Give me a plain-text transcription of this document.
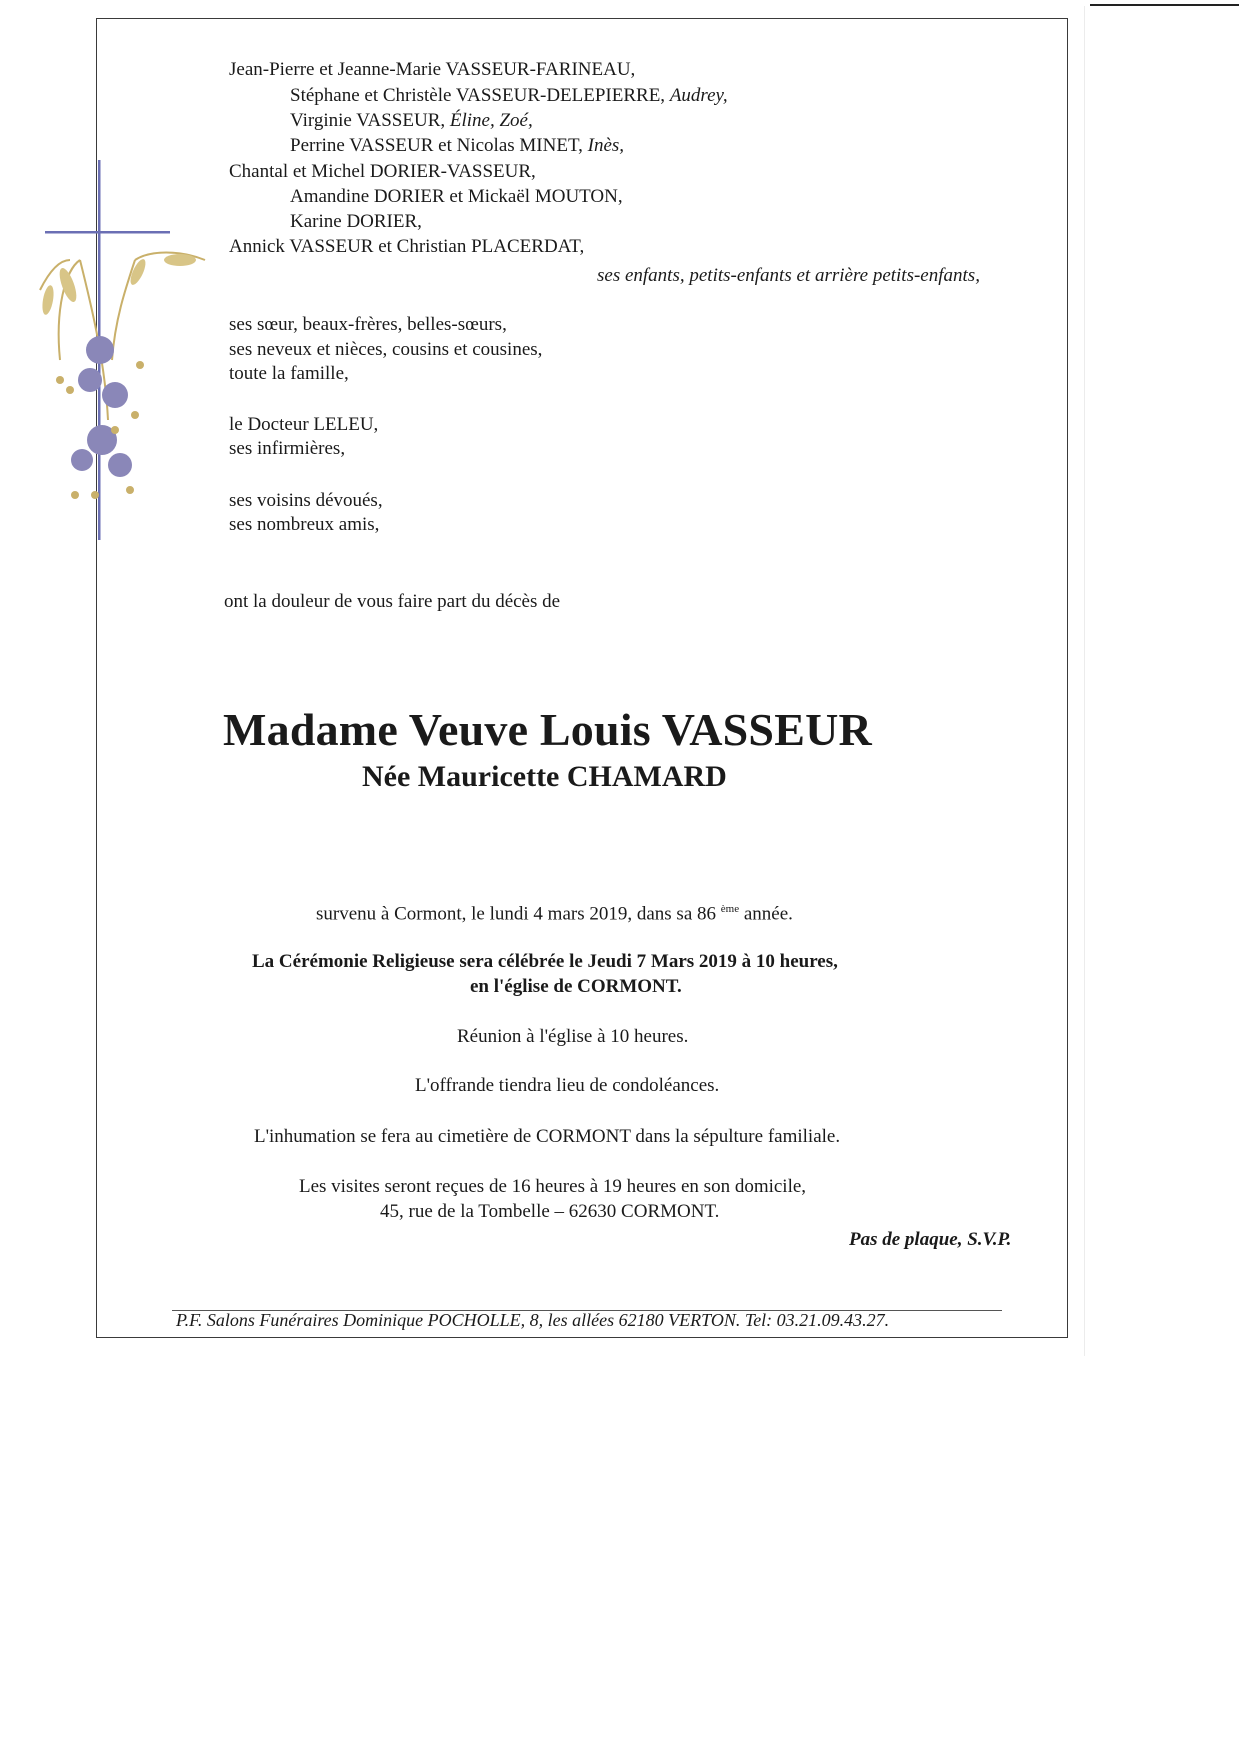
Jean-Pierre et Jeanne-Marie VASSEUR-FARINEAU,
Stéphane et Christèle VASSEUR-DELEPIERRE, Audrey,
Virginie VASSEUR, Éline, Zoé,
Perrine VASSEUR et Nicolas MINET, Inès,
Chantal et Michel DORIER-VASSEUR,
Amandine DORIER et Mickaël MOUTON,
Karine DORIER,
Annick VASSEUR et Christian PLACERDAT,
ses enfants, petits-enfants et arrière petits-enfants,
ses sœur, beaux-frères, belles-sœurs,
ses neveux et nièces, cousins et cousines,
toute la famille,
le Docteur LELEU,
ses infirmières,
ses voisins dévoués,
ses nombreux amis,
ont la douleur de vous faire part du décès de
Madame Veuve Louis VASSEUR
Née Mauricette CHAMARD
survenu à Cormont, le lundi 4 mars 2019, dans sa 86 $^{ème}$ année.
La Cérémonie Religieuse sera célébrée le Jeudi 7 Mars 2019 à 10 heures,
en l'église de CORMONT.
Réunion à l'église à 10 heures.
L'offrande tiendra lieu de condoléances.
L'inhumation se fera au cimetière de CORMONT dans la sépulture familiale.
Les visites seront reçues de 16 heures à 19 heures en son domicile,
45, rue de la Tombelle – 62630 CORMONT.
Pas de plaque, S.V.P.
P.F. Salons Funéraires Dominique POCHOLLE, 8, les allées 62180 VERTON. Tel: 03.21.09.43.27.
